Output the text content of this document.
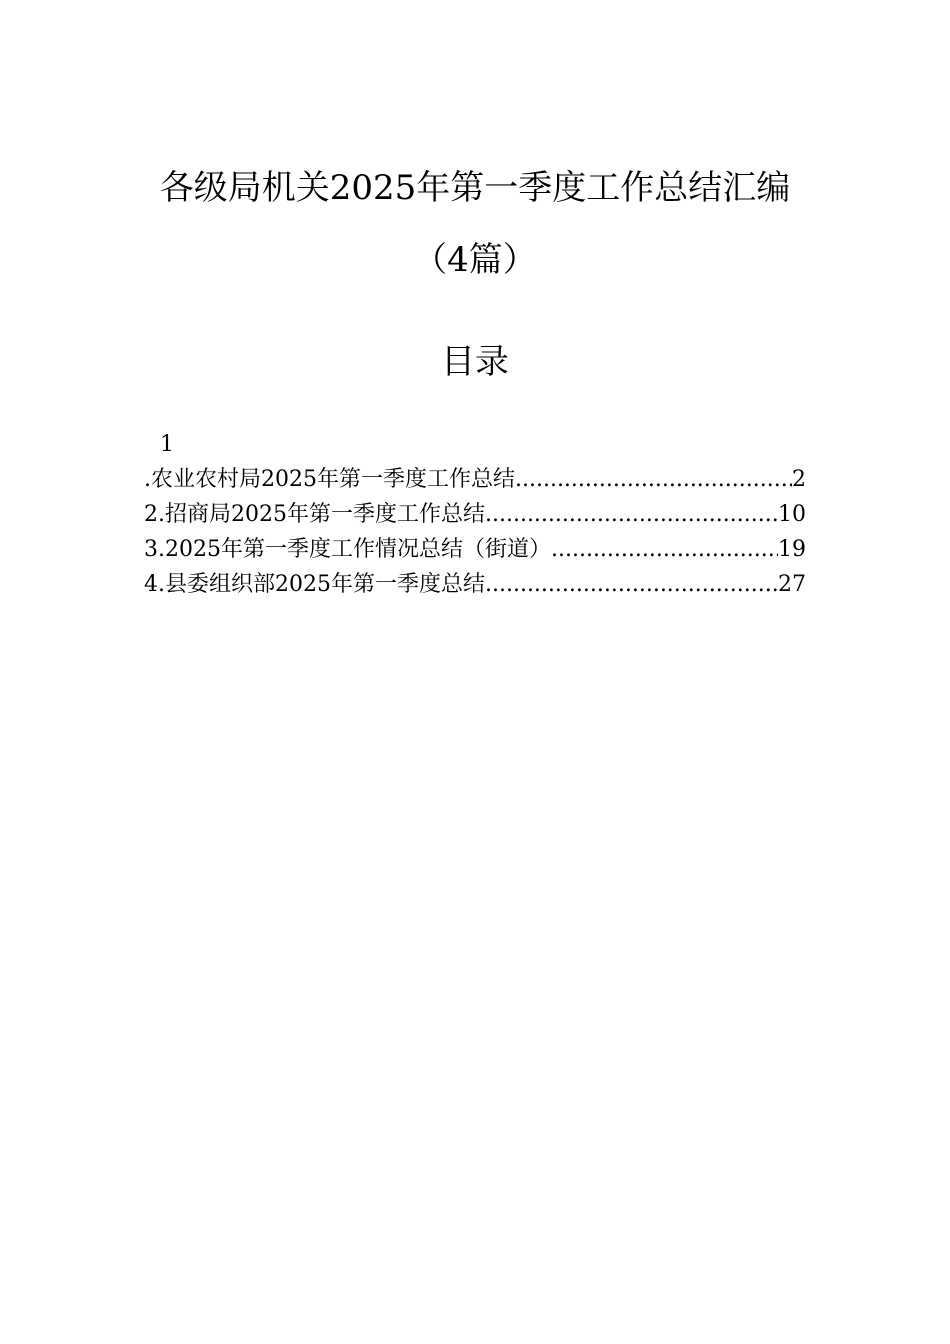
各级局机关2025年第一季度工作总结汇编
（4篇）
目录
1
.农业农村局2025年第一季度工作总结 .....	2
2.招商局2025年第一季度工作总结 .....	10
3.2025年第一季度工作情况总结（街道） .....	19
4.县委组织部2025年第一季度总结 .....	27
